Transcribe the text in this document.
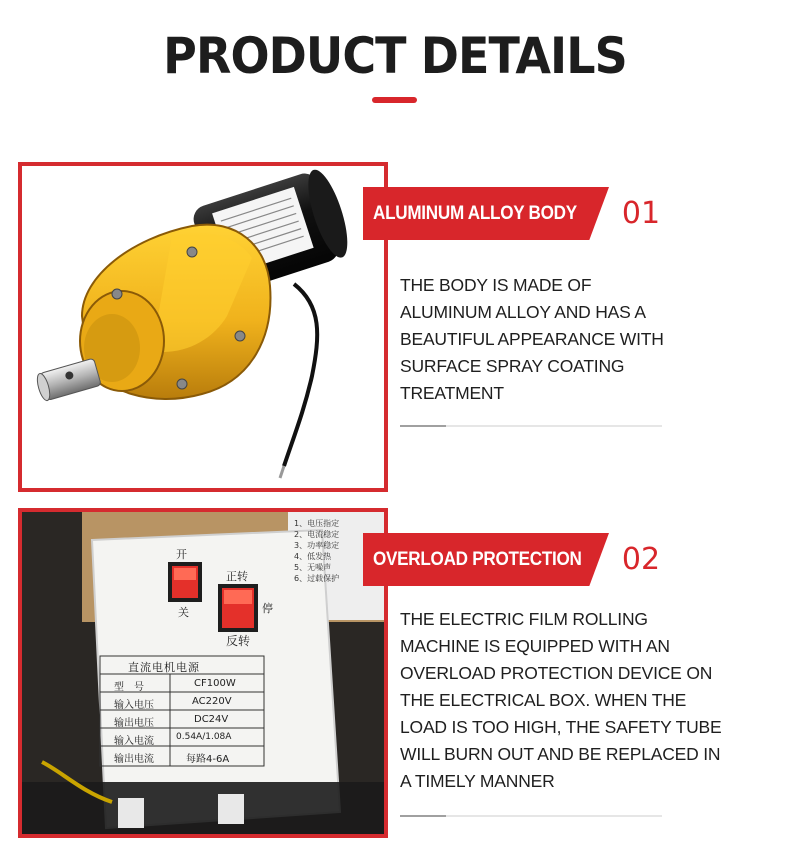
PRODUCT DETAILS
开
关
正转
停
反转
直流电机电源
型　号	CF100W
输入电压	AC220V
输出电压	DC24V
输入电流 0.54A/1.08A
输出电流	每路4-6A
1、电压指定
2、电流稳定
3、功率稳定
4、低发热
5、无噪声
6、过载保护
ALUMINUM ALLOY BODY	01
THE BODY IS MADE OF ALUMINUM ALLOY AND HAS A BEAUTIFUL APPEARANCE WITH SURFACE SPRAY COATING TREATMENT
OVERLOAD PROTECTION	02
THE ELECTRIC FILM ROLLING MACHINE IS EQUIPPED WITH AN OVERLOAD PROTECTION DEVICE ON THE ELECTRICAL BOX. WHEN THE LOAD IS TOO HIGH, THE SAFETY TUBE WILL BURN OUT AND BE REPLACED IN A TIMELY MANNER
